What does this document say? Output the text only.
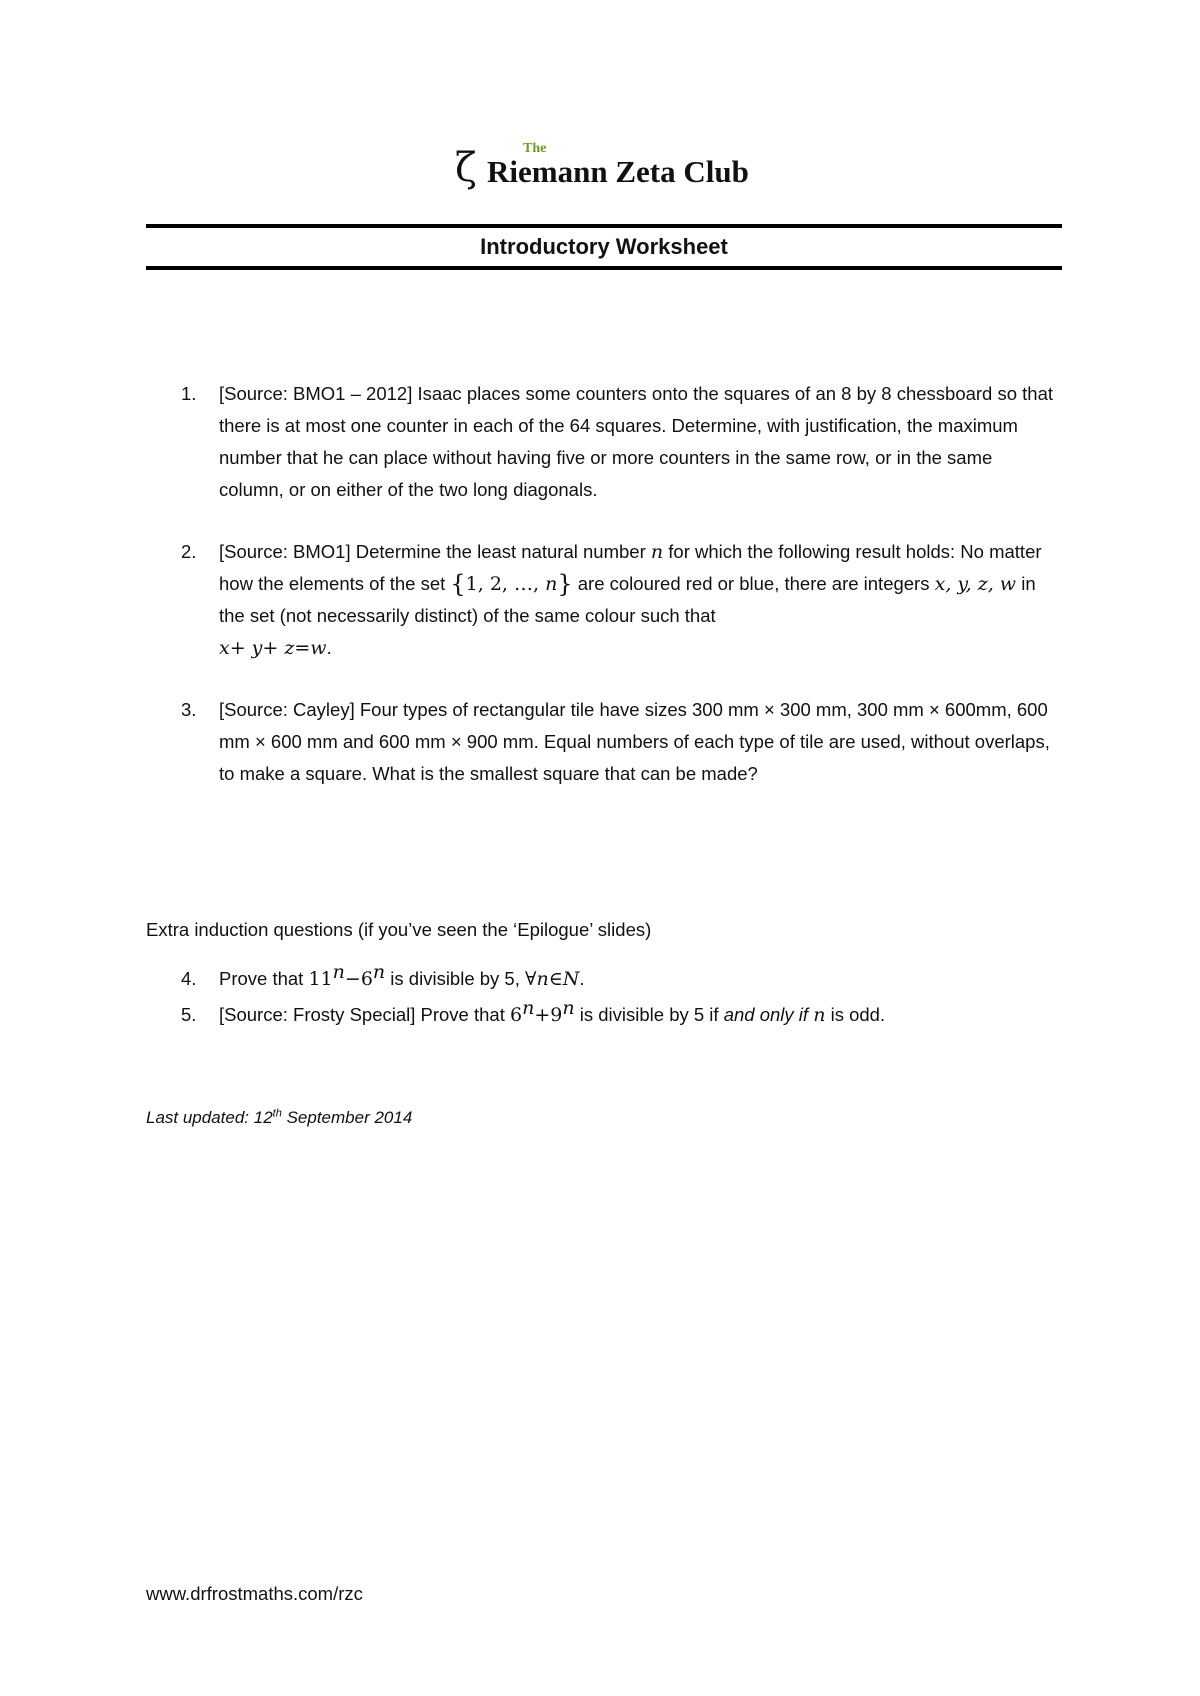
ζ	The
Riemann Zeta Club
Introductory Worksheet
1.	[Source: BMO1 – 2012] Isaac places some counters onto the squares of an 8 by 8 chessboard so that there is at most one counter in each of the 64 squares. Determine, with justification, the maximum number that he can place without having five or more counters in the same row, or in the same column, or on either of the two long diagonals.
2.	[Source: BMO1] Determine the least natural number n for which the following result holds: No matter how the elements of the set {1, 2, …, n} are coloured red or blue, there are integers x, y, z, w in the set (not necessarily distinct) of the same colour such that
x+ y+ z=w.
3.	[Source: Cayley] Four types of rectangular tile have sizes 300 mm × 300 mm, 300 mm × 600mm, 600 mm × 600 mm and 600 mm × 900 mm. Equal numbers of each type of tile are used, without overlaps, to make a square. What is the smallest square that can be made?
Extra induction questions (if you’ve seen the ‘Epilogue’ slides)
4.	Prove that $11^n-6^n$ is divisible by 5, ∀n∈N.
5.	[Source: Frosty Special] Prove that $6^n+9^n$ is divisible by 5 if and only if n is odd.
Last updated: 12th September 2014
www.drfrostmaths.com/rzc
